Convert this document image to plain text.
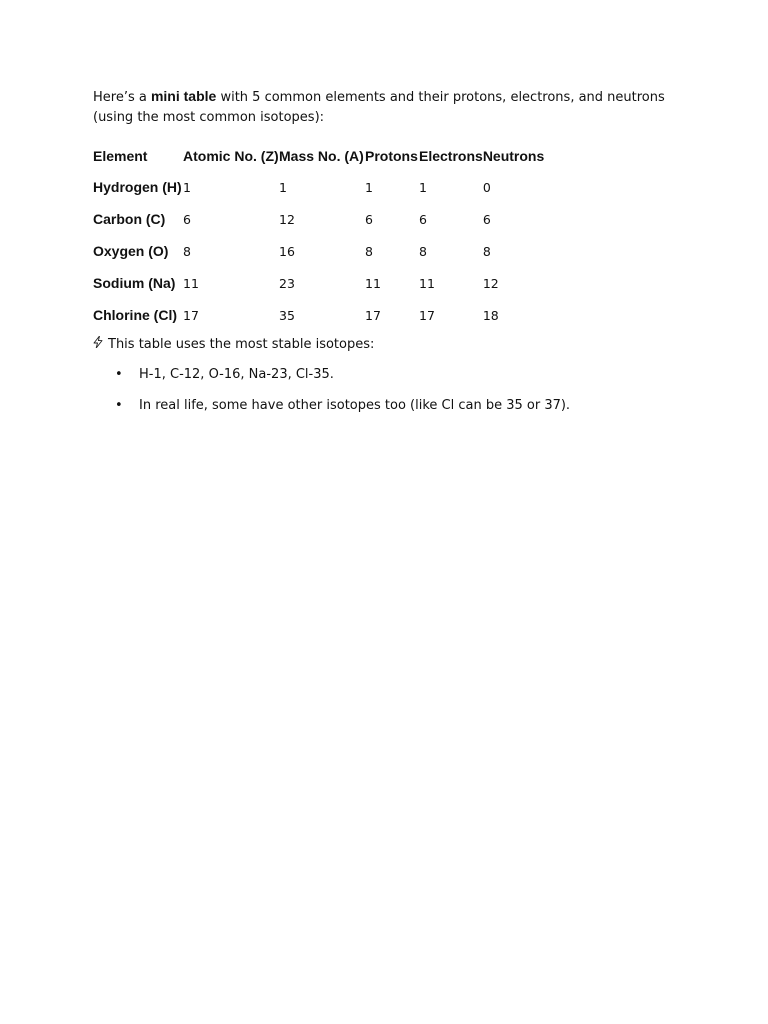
Here’s a mini table with 5 common elements and their protons, electrons, and neutrons (using the most common isotopes):

Element	Atomic No. (Z)	Mass No. (A)	Protons	Electrons	Neutrons
Hydrogen (H)	1	1	1	1	0
Carbon (C)	6	12	6	6	6
Oxygen (O)	8	16	8	8	8
Sodium (Na)	11	23	11	11	12
Chlorine (Cl)	17	35	17	17	18

This table uses the most stable isotopes:

• H-1, C-12, O-16, Na-23, Cl-35.
• In real life, some have other isotopes too (like Cl can be 35 or 37).
